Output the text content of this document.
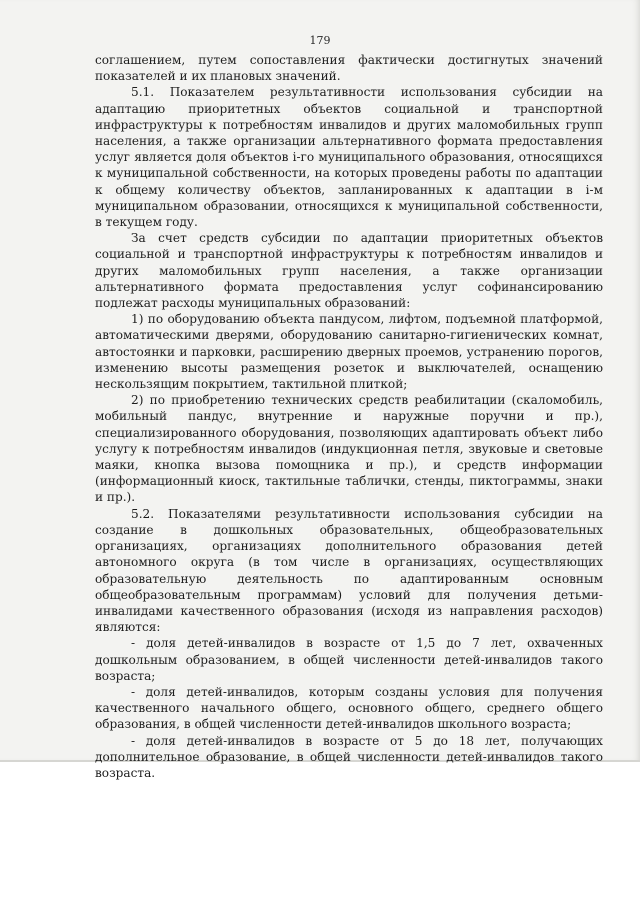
179

соглашением, путем сопоставления фактически достигнутых значений показателей и их плановых значений.

5.1. Показателем результативности использования субсидии на адаптацию приоритетных объектов социальной и транспортной инфраструктуры к потребностям инвалидов и других маломобильных групп населения, а также организации альтернативного формата предоставления услуг является доля объектов i-го муниципального образования, относящихся к муниципальной собственности, на которых проведены работы по адаптации к общему количеству объектов, запланированных к адаптации в i-м муниципальном образовании, относящихся к муниципальной собственности, в текущем году.

За счет средств субсидии по адаптации приоритетных объектов социальной и транспортной инфраструктуры к потребностям инвалидов и других маломобильных групп населения, а также организации альтернативного формата предоставления услуг софинансированию подлежат расходы муниципальных образований:

1) по оборудованию объекта пандусом, лифтом, подъемной платформой, автоматическими дверями, оборудованию санитарно-гигиенических комнат, автостоянки и парковки, расширению дверных проемов, устранению порогов, изменению высоты размещения розеток и выключателей, оснащению нескользящим покрытием, тактильной плиткой;

2) по приобретению технических средств реабилитации (скаломобиль, мобильный пандус, внутренние и наружные поручни и пр.), специализированного оборудования, позволяющих адаптировать объект либо услугу к потребностям инвалидов (индукционная петля, звуковые и световые маяки, кнопка вызова помощника и пр.), и средств информации (информационный киоск, тактильные таблички, стенды, пиктограммы, знаки и пр.).

5.2. Показателями результативности использования субсидии на создание в дошкольных образовательных, общеобразовательных организациях, организациях дополнительного образования детей автономного округа (в том числе в организациях, осуществляющих образовательную деятельность по адаптированным основным общеобразовательным программам) условий для получения детьми-инвалидами качественного образования (исходя из направления расходов) являются:

- доля детей-инвалидов в возрасте от 1,5 до 7 лет, охваченных дошкольным образованием, в общей численности детей-инвалидов такого возраста;

- доля детей-инвалидов, которым созданы условия для получения качественного начального общего, основного общего, среднего общего образования, в общей численности детей-инвалидов школьного возраста;

- доля детей-инвалидов в возрасте от 5 до 18 лет, получающих дополнительное образование, в общей численности детей-инвалидов такого возраста.
